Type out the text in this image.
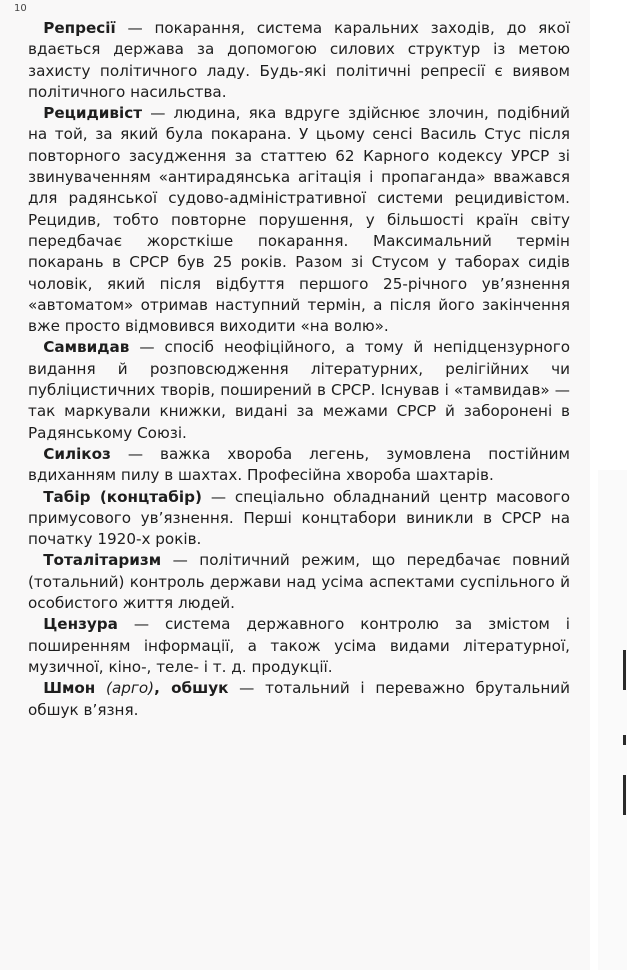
10

 Репресії — покарання, система каральних заходів, до якої вдається держава за допомогою силових структур із метою захисту політичного ладу. Будь-які політичні репресії є виявом політичного насильства.

 Рецидивіст — людина, яка вдруге здійснює злочин, подібний на той, за який була покарана. У цьому сенсі Василь Стус після повторного засудження за статтею 62 Карного кодексу УРСР зі звинуваченням «антирадянська агітація і пропаганда» вважався для радянської судово-адміністративної системи рецидивістом. Рецидив, тобто повторне порушення, у більшості країн світу передбачає жорсткіше покарання. Максимальний термін покарань в СРСР був 25 років. Разом зі Стусом у таборах сидів чоловік, який після відбуття першого 25-річного ув’язнення «автоматом» отримав наступний термін, а після його закінчення вже просто відмовився виходити «на волю».

 Самвидав — спосіб неофіційного, а тому й непідцензурного видання й розповсюдження літературних, релігійних чи публіцистичних творів, поширений в СРСР. Існував і «тамвидав» — так маркували книжки, видані за межами СРСР й заборонені в Радянському Союзі.

 Силікоз — важка хвороба легень, зумовлена постійним вдиханням пилу в шахтах. Професійна хвороба шахтарів.

 Табір (концтабір) — спеціально обладнаний центр масового примусового ув’язнення. Перші концтабори виникли в СРСР на початку 1920-х років.

 Тоталітаризм — політичний режим, що передбачає повний (тотальний) контроль держави над усіма аспектами суспільного й особистого життя людей.

 Цензура — система державного контролю за змістом і поширенням інформації, а також усіма видами літературної, музичної, кіно-, теле- і т. д. продукції.

 Шмон (арго), обшук — тотальний і переважно брутальний обшук в’язня.
